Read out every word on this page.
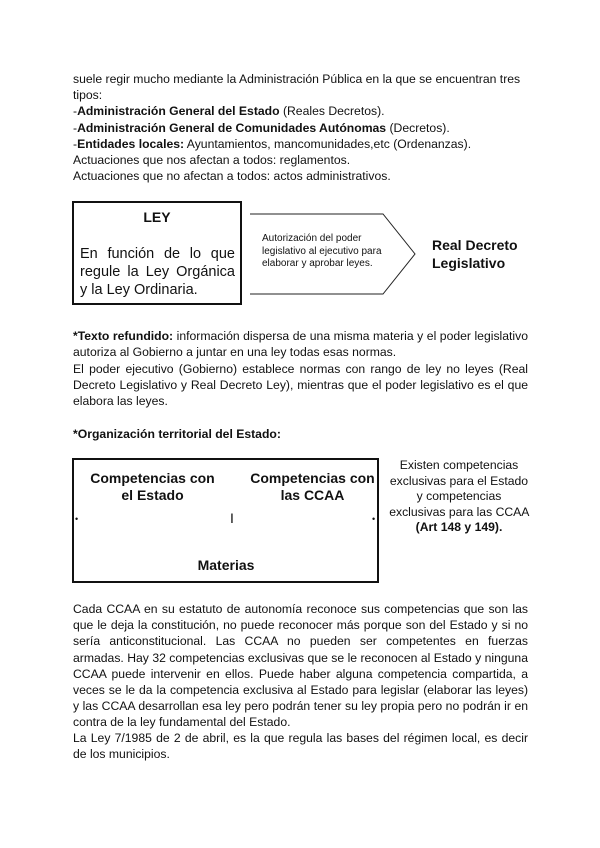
suele regir mucho mediante la Administración Pública en la que se encuentran tres
tipos:
-Administración General del Estado (Reales Decretos).
-Administración General de Comunidades Autónomas (Decretos).
-Entidades locales: Ayuntamientos, mancomunidades,etc (Ordenanzas).
Actuaciones que nos afectan a todos: reglamentos.
Actuaciones que no afectan a todos: actos administrativos.
LEY
En función de lo que regule la Ley Orgánica y la Ley Ordinaria.
Autorización del poder legislativo al ejecutivo para elaborar y aprobar leyes.
Real Decreto Legislativo
*Texto refundido: información dispersa de una misma materia y el poder legislativo autoriza al Gobierno a juntar en una ley todas esas normas.
El poder ejecutivo (Gobierno) establece normas con rango de ley no leyes (Real Decreto Legislativo y Real Decreto Ley), mientras que el poder legislativo es el que elabora las leyes.
*Organización territorial del Estado:
Competencias con el Estado
Competencias con las CCAA
I
•	•
Materias
Existen competencias exclusivas para el Estado y competencias exclusivas para las CCAA (Art 148 y 149).
Cada CCAA en su estatuto de autonomía reconoce sus competencias que son las que le deja la constitución, no puede reconocer más porque son del Estado y si no sería anticonstitucional. Las CCAA no pueden ser competentes en fuerzas armadas. Hay 32 competencias exclusivas que se le reconocen al Estado y ninguna CCAA puede intervenir en ellos. Puede haber alguna competencia compartida, a veces se le da la competencia exclusiva al Estado para legislar (elaborar las leyes) y las CCAA desarrollan esa ley pero podrán tener su ley propia pero no podrán ir en contra de la ley fundamental del Estado.
La Ley 7/1985 de 2 de abril, es la que regula las bases del régimen local, es decir de los municipios.
